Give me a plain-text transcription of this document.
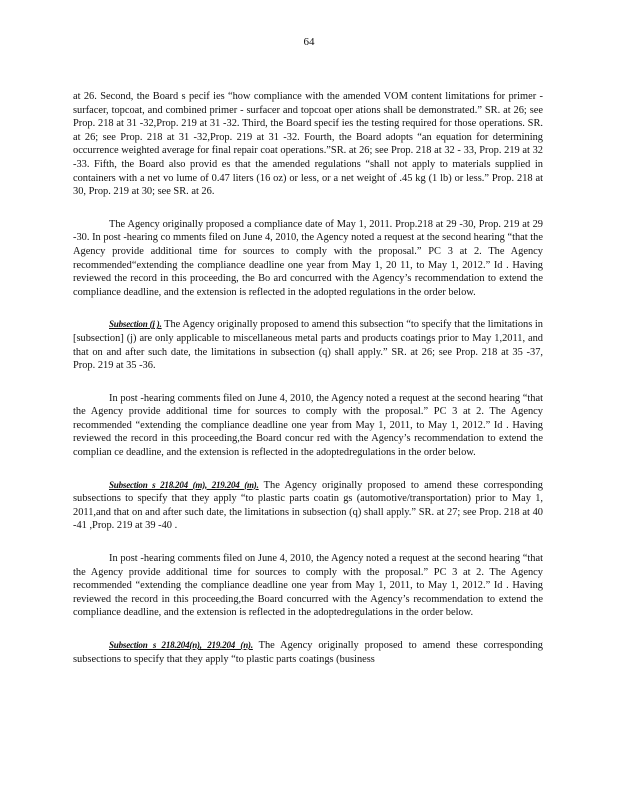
64

at 26. Second, the Board s pecif ies “how compliance with the amended VOM content limitations for primer -surfacer, topcoat, and combined primer - surfacer and topcoat oper ations shall be demonstrated.” SR. at 26; see Prop. 218 at 31 -32,Prop. 219 at 31 -32. Third, the Board specif ies the testing required for those operations. SR. at 26; see Prop. 218 at 31 -32,Prop. 219 at 31 -32. Fourth, the Board adopts “an equation for determining occurrence weighted average for final repair coat operations.”SR. at 26; see Prop. 218 at 32 - 33, Prop. 219 at 32 -33. Fifth, the Board also provid es that the amended regulations “shall not apply to materials supplied in containers with a net vo lume of 0.47 liters (16 oz) or less, or a net weight of .45 kg (1 lb) or less.” Prop. 218 at 30, Prop. 219 at 30; see SR. at 26.

The Agency originally proposed a compliance date of May 1, 2011. Prop.218 at 29 -30, Prop. 219 at 29 -30. In post -hearing co mments filed on June 4, 2010, the Agency noted a request at the second hearing “that the Agency provide additional time for sources to comply with the proposal.” PC 3 at 2. The Agency recommended“extending the compliance deadline one year from May 1, 20 11, to May 1, 2012.” Id . Having reviewed the record in this proceeding, the Bo ard concurred with the Agency’s recommendation to extend the compliance deadline, and the extension is reflected in the adopted regulations in the order below.

Subsection (j ). The Agency originally proposed to amend this subsection “to specify that the limitations in [subsection] (j) are only applicable to miscellaneous metal parts and products coatings prior to May 1,2011, and that on and after such date, the limitations in subsection (q) shall apply.” SR. at 26; see Prop. 218 at 35 -37, Prop. 219 at 35 -36.

In post -hearing comments filed on June 4, 2010, the Agency noted a request at the second hearing “that the Agency provide additional time for sources to comply with the proposal.” PC 3 at 2. The Agency recommended “extending the compliance deadline one year from May 1, 2011, to May 1, 2012.” Id . Having reviewed the record in this proceeding,the Board concur red with the Agency’s recommendation to extend the complian ce deadline, and the extension is reflected in the adoptedregulations in the order below.

Subsection s 218.204 (m), 219.204 (m). The Agency originally proposed to amend these corresponding subsections to specify that they apply “to plastic parts coatin gs (automotive/transportation) prior to May 1, 2011,and that on and after such date, the limitations in subsection (q) shall apply.” SR. at 27; see Prop. 218 at 40 -41 ,Prop. 219 at 39 -40 .

In post -hearing comments filed on June 4, 2010, the Agency noted a request at the second hearing “that the Agency provide additional time for sources to comply with the proposal.” PC 3 at 2. The Agency recommended “extending the compliance deadline one year from May 1, 2011, to May 1, 2012.” Id . Having reviewed the record in this proceeding,the Board concurred with the Agency’s recommendation to extend the compliance deadline, and the extension is reflected in the adoptedregulations in the order below.

Subsection s 218.204(n), 219.204 (n). The Agency originally proposed to amend these corresponding subsections to specify that they apply “to plastic parts coatings (business
